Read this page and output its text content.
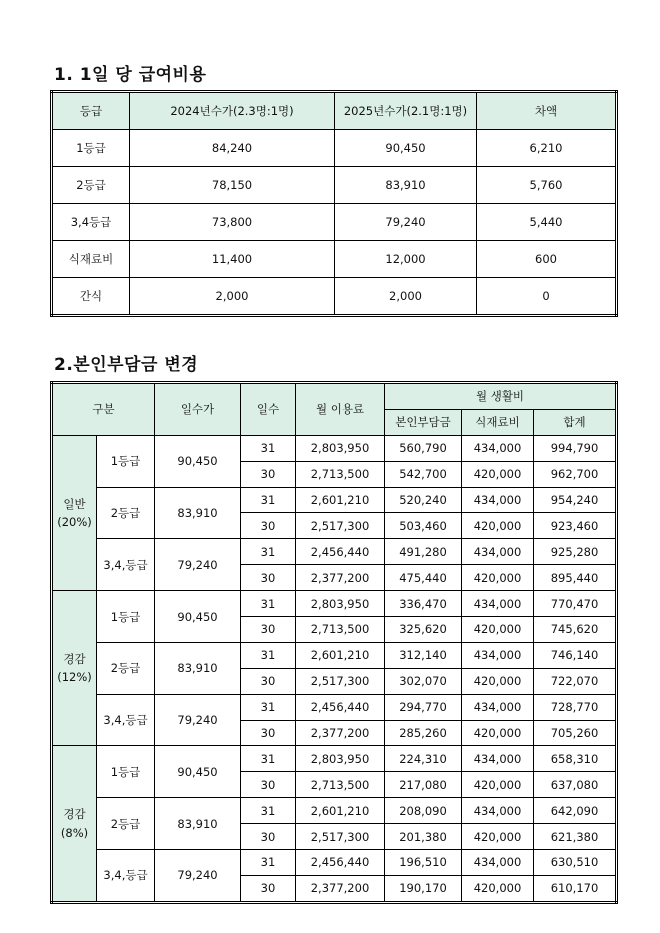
1. 1일 당 급여비용
등급	2024년수가(2.3명:1명)	2025년수가(2.1명:1명)	차액
1등급	84,240	90,450	6,210
2등급	78,150	83,910	5,760
3,4등급	73,800	79,240	5,440
식재료비	11,400	12,000	600
간식	2,000	2,000	0
2.본인부담금 변경
구분		일수가	일수	월 이용료	월 생활비		
					본인부담금	식재료비	합계

일반
(20%)	1등급	90,450	31	2,803,950	560,790	434,000	994,790
			30	2,713,500	542,700	420,000	962,700
	2등급	83,910	31	2,601,210	520,240	434,000	954,240
			30	2,517,300	503,460	420,000	923,460
	3,4,등급	79,240	31	2,456,440	491,280	434,000	925,280
			30	2,377,200	475,440	420,000	895,440

경감
(12%)	1등급	90,450	31	2,803,950	336,470	434,000	770,470
			30	2,713,500	325,620	420,000	745,620
	2등급	83,910	31	2,601,210	312,140	434,000	746,140
			30	2,517,300	302,070	420,000	722,070
	3,4,등급	79,240	31	2,456,440	294,770	434,000	728,770
			30	2,377,200	285,260	420,000	705,260

경감
(8%)	1등급	90,450	31	2,803,950	224,310	434,000	658,310
			30	2,713,500	217,080	420,000	637,080
	2등급	83,910	31	2,601,210	208,090	434,000	642,090
			30	2,517,300	201,380	420,000	621,380
	3,4,등급	79,240	31	2,456,440	196,510	434,000	630,510
			30	2,377,200	190,170	420,000	610,170
